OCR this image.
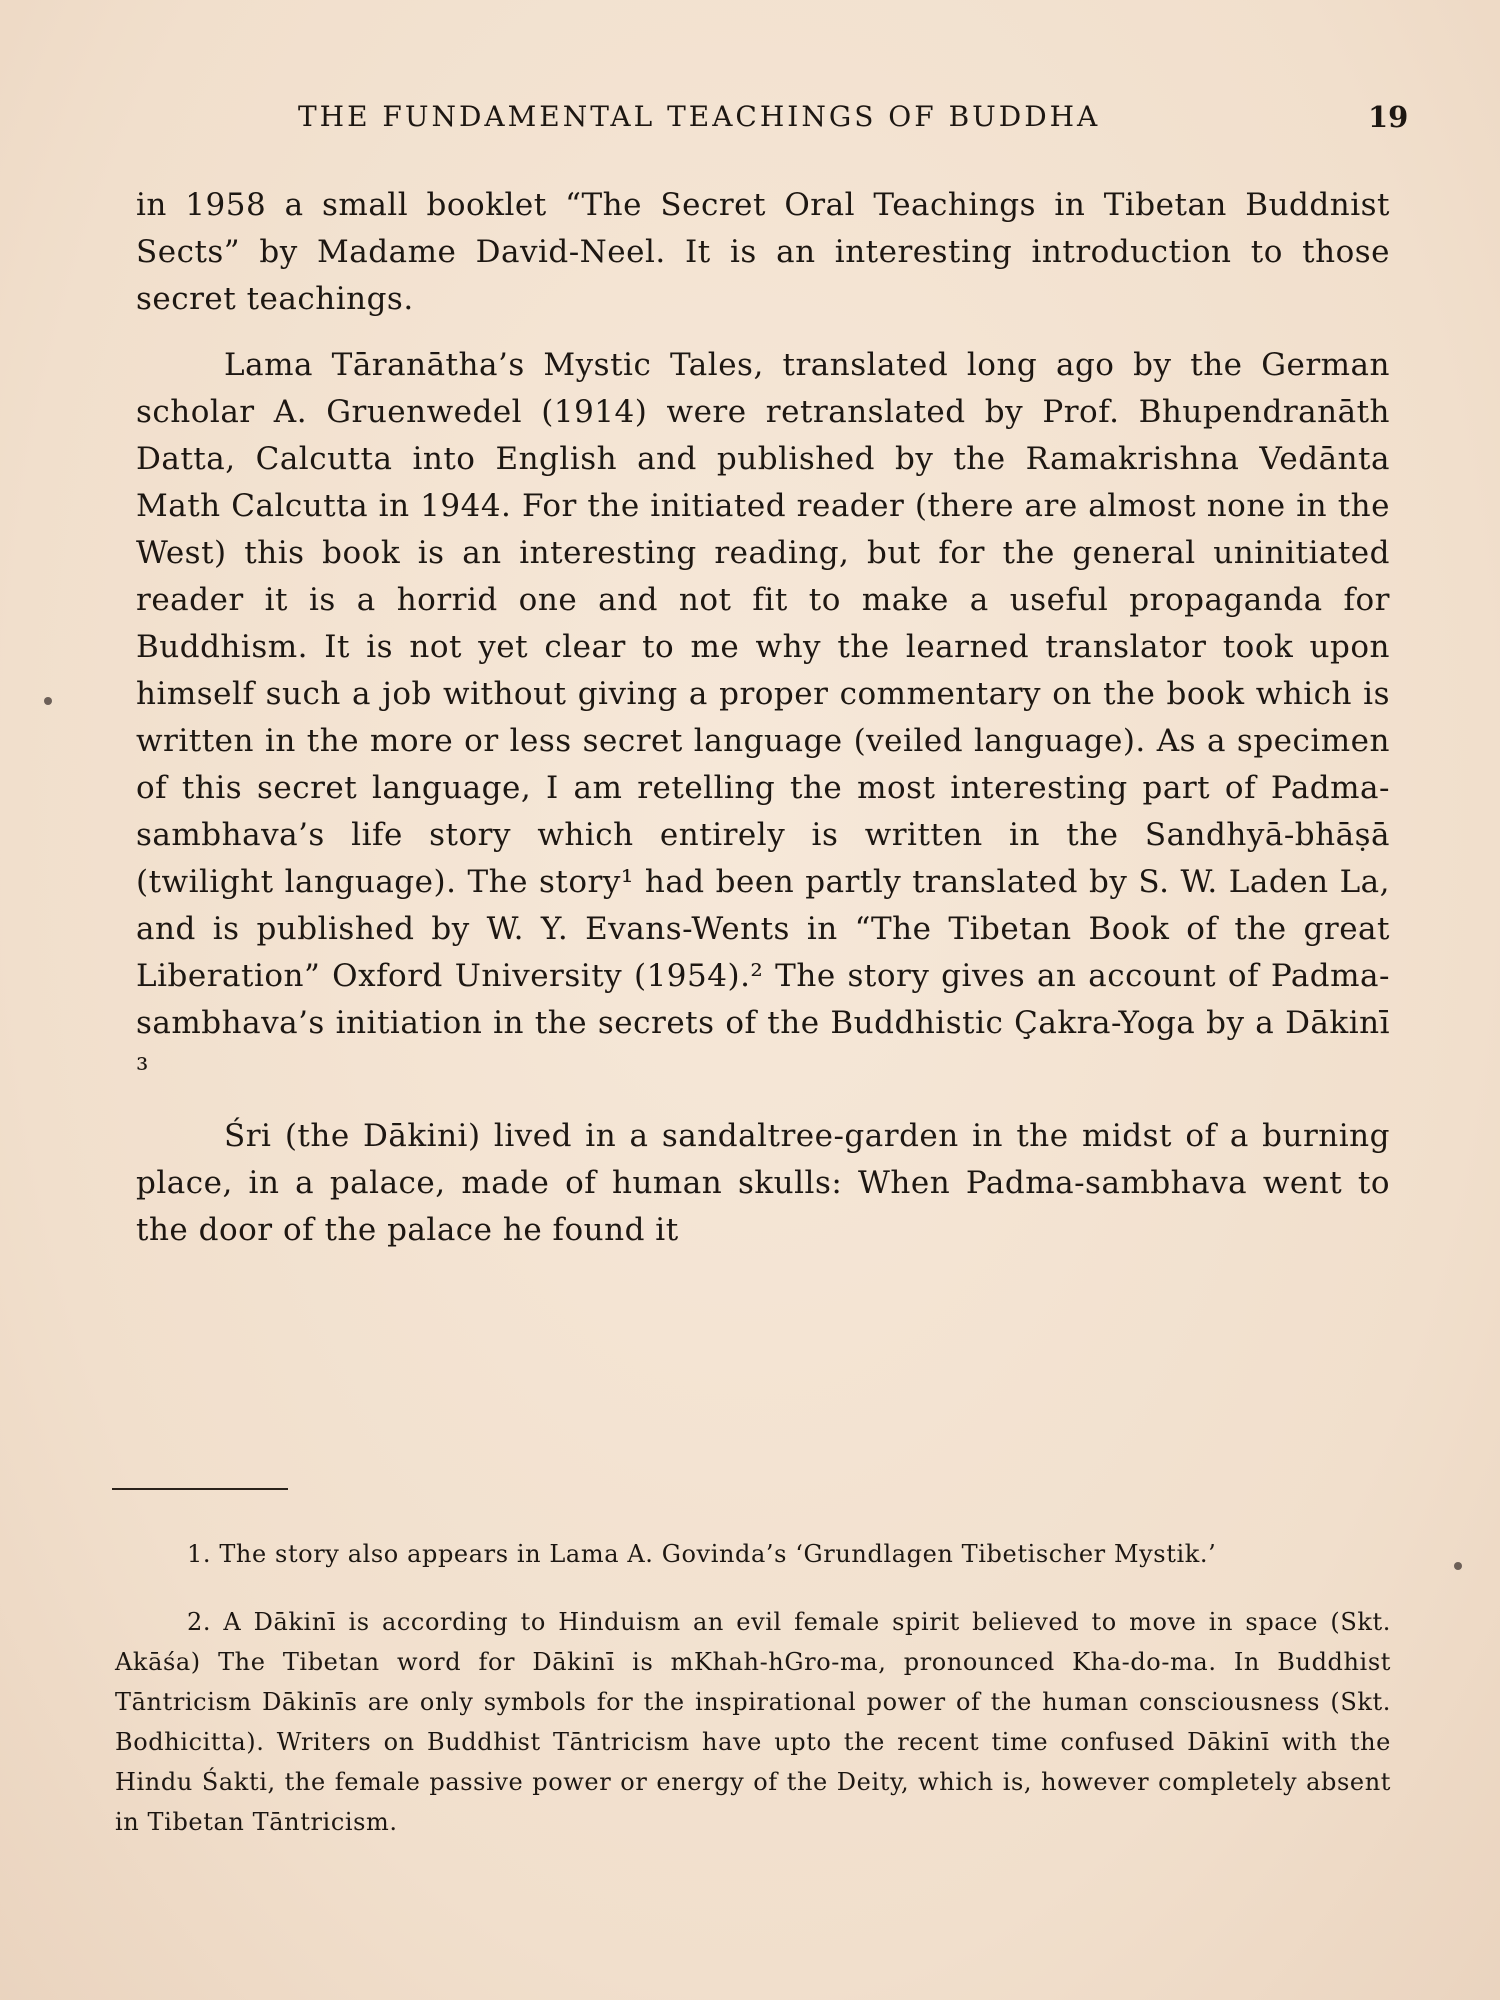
THE FUNDAMENTAL TEACHINGS OF BUDDHA	19

in 1958 a small booklet “The Secret Oral Teachings in Tibetan Buddnist Sects” by Madame David-Neel. It is an interesting introduction to those secret teachings.

Lama Tāranātha’s Mystic Tales, translated long ago by the German scholar A. Gruenwedel (1914) were retranslated by Prof. Bhupendranāth Datta, Calcutta into English and published by the Ramakrishna Vedānta Math Calcutta in 1944. For the initiated reader (there are almost none in the West) this book is an interesting reading, but for the general uninitiated reader it is a horrid one and not fit to make a useful propaganda for Buddhism. It is not yet clear to me why the learned translator took upon himself such a job without giving a proper commentary on the book which is written in the more or less secret language (veiled language). As a specimen of this secret language, I am retelling the most interesting part of Padma-sambhava’s life story which entirely is written in the Sandhyā-bhāṣā (twilight language). The story¹ had been partly translated by S. W. Laden La, and is published by W. Y. Evans-Wents in “The Tibetan Book of the great Liberation” Oxford University (1954).² The story gives an account of Padma-sambhava’s initiation in the secrets of the Buddhistic Çakra-Yoga by a Dākinī ³

Śri (the Dākini) lived in a sandaltree-garden in the midst of a burning place, in a palace, made of human skulls: When Padma-sambhava went to the door of the palace he found it

1. The story also appears in Lama A. Govinda’s ‘Grundlagen Tibetischer Mystik.’

2. A Dākinī is according to Hinduism an evil female spirit believed to move in space (Skt. Akāśa) The Tibetan word for Dākinī is mKhah-hGro-ma, pronounced Kha-do-ma. In Buddhist Tāntricism Dākinīs are only symbols for the inspirational power of the human consciousness (Skt. Bodhicitta). Writers on Buddhist Tāntricism have upto the recent time confused Dākinī with the Hindu Śakti, the female passive power or energy of the Deity, which is, however completely absent in Tibetan Tāntricism.
